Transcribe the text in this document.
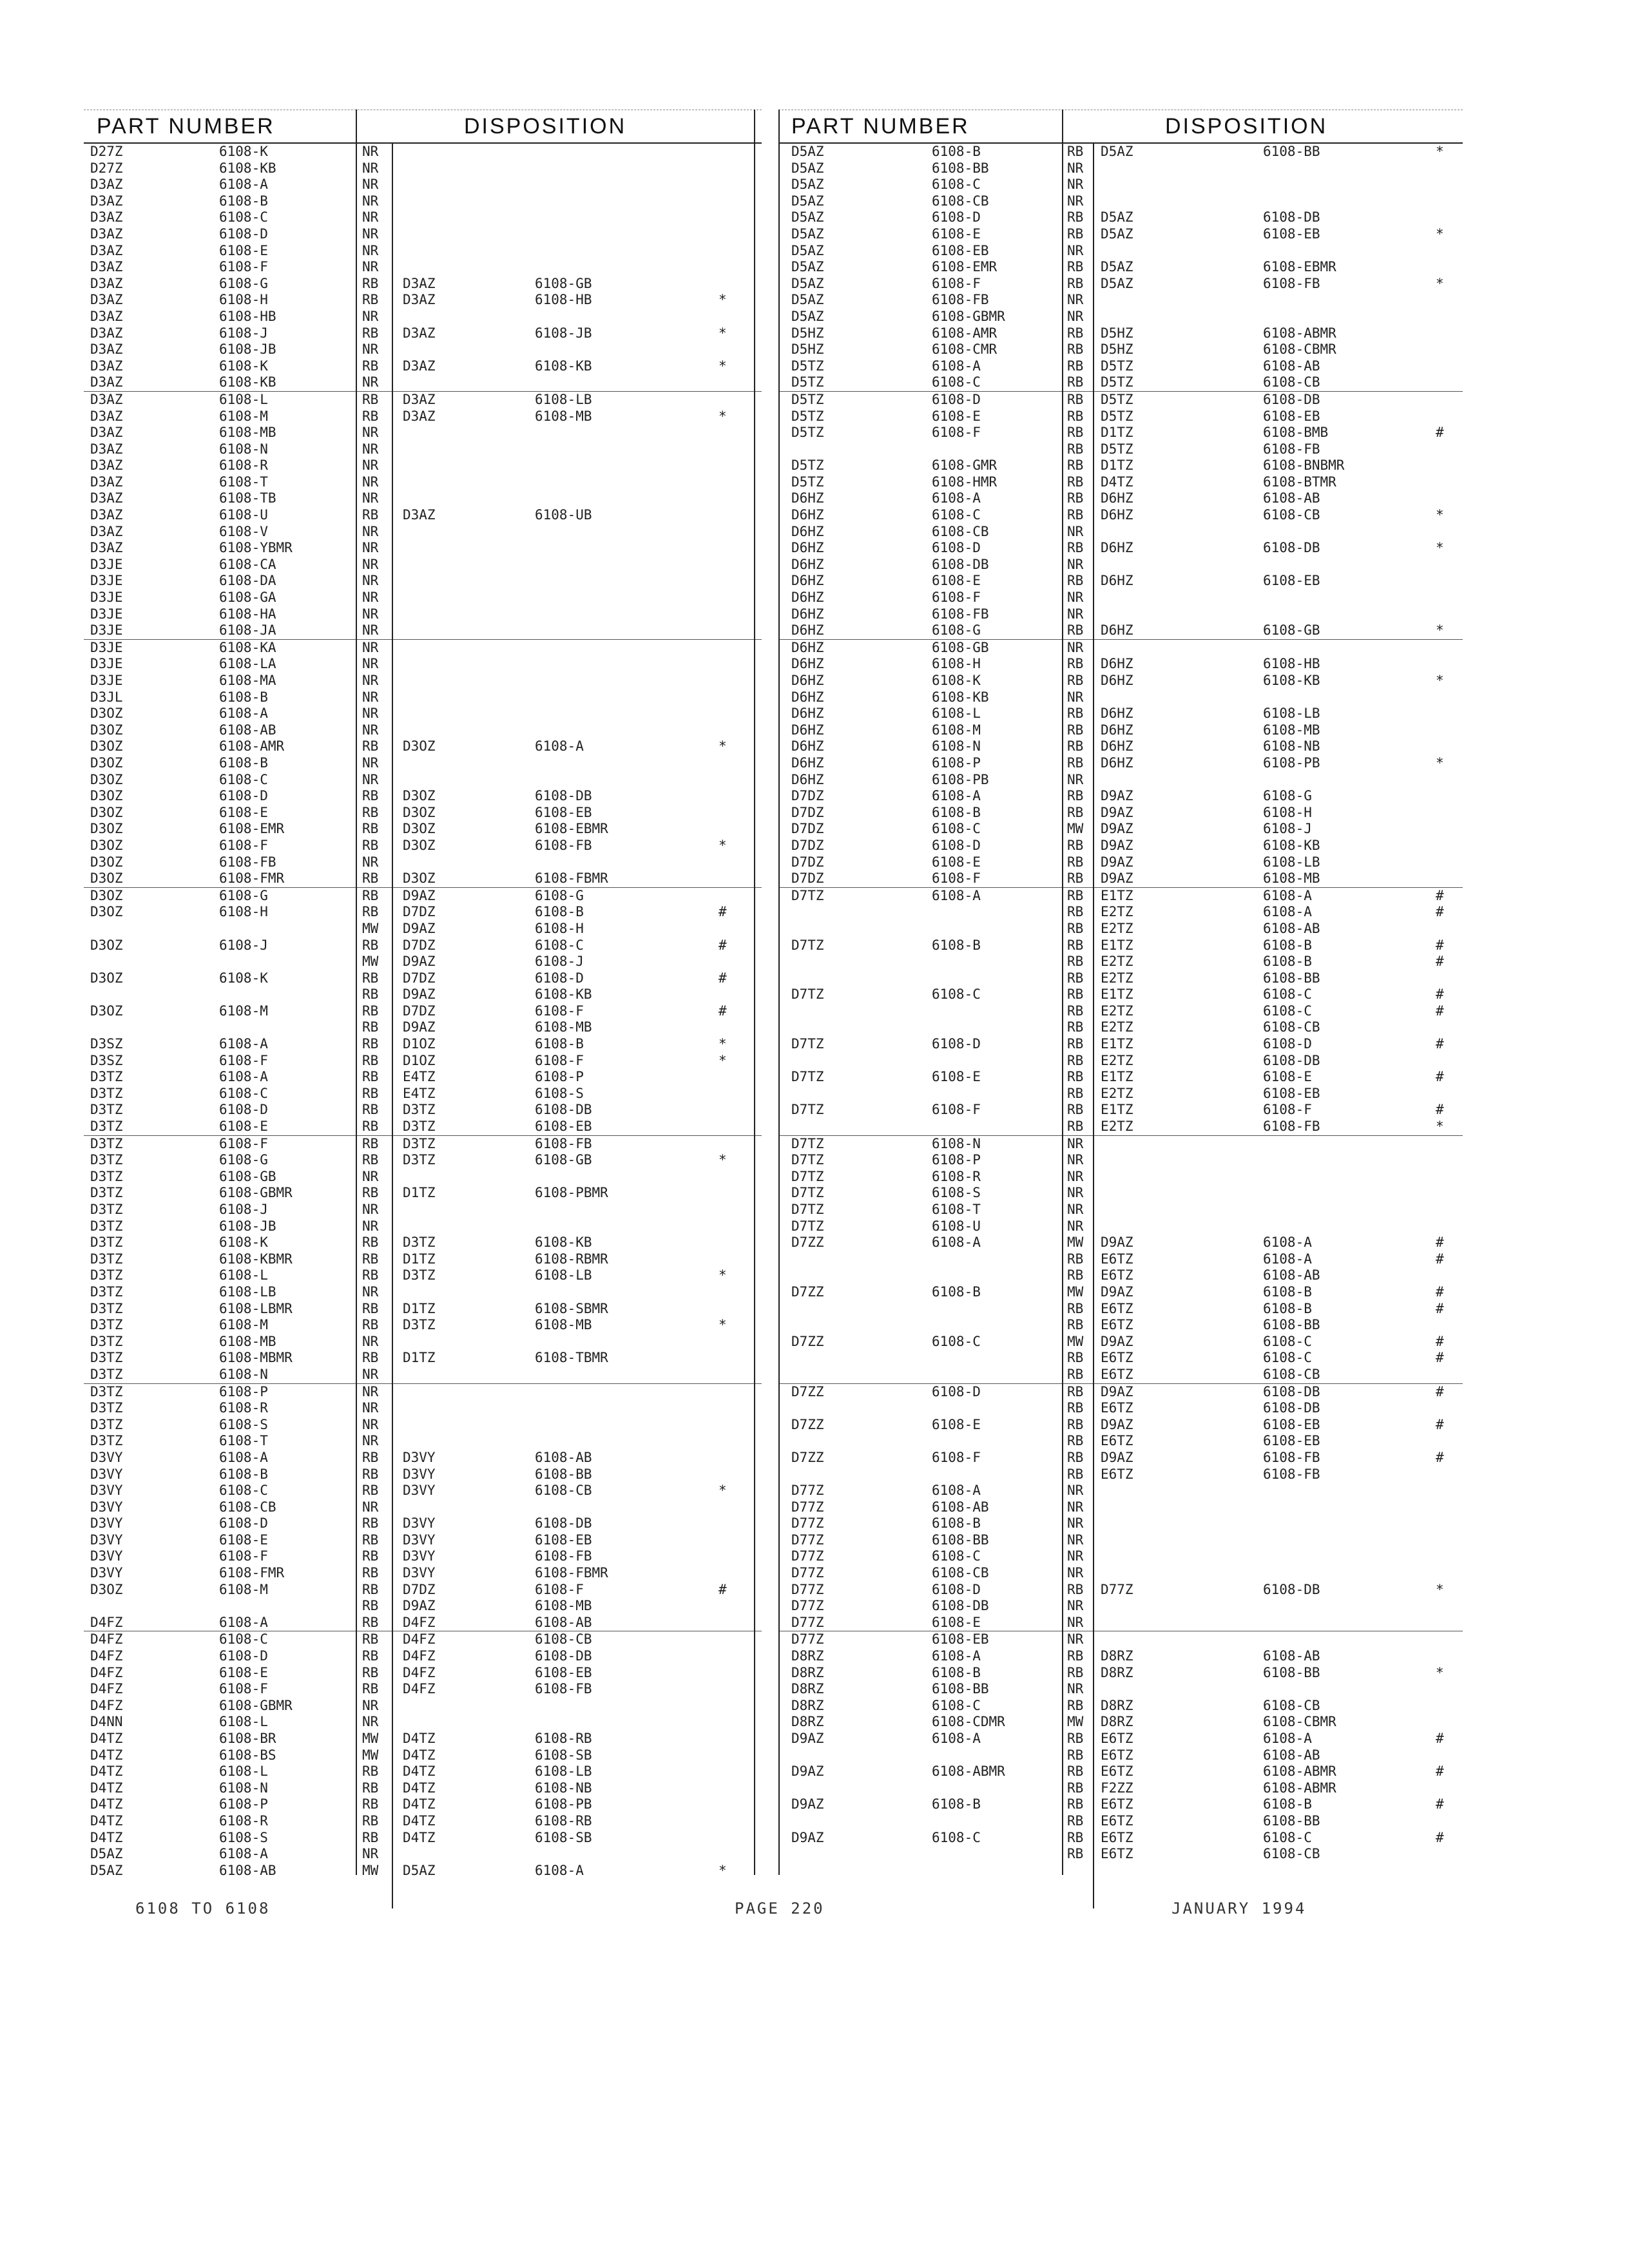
PART NUMBER	DISPOSITION
D27Z	6108-K	NR
D27Z	6108-KB	NR
D3AZ	6108-A	NR
D3AZ	6108-B	NR
D3AZ	6108-C	NR
D3AZ	6108-D	NR
D3AZ	6108-E	NR
D3AZ	6108-F	NR
D3AZ	6108-G	RB D3AZ	6108-GB
D3AZ	6108-H	RB D3AZ	6108-HB	*
D3AZ	6108-HB	NR
D3AZ	6108-J	RB D3AZ	6108-JB	*
D3AZ	6108-JB	NR
D3AZ	6108-K	RB D3AZ	6108-KB	*
D3AZ	6108-KB	NR
D3AZ	6108-L	RB D3AZ	6108-LB
D3AZ	6108-M	RB D3AZ	6108-MB	*
D3AZ	6108-MB	NR
D3AZ	6108-N	NR
D3AZ	6108-R	NR
D3AZ	6108-T	NR
D3AZ	6108-TB	NR
D3AZ	6108-U	RB D3AZ	6108-UB
D3AZ	6108-V	NR
D3AZ	6108-YBMR	NR
D3JE	6108-CA	NR
D3JE	6108-DA	NR
D3JE	6108-GA	NR
D3JE	6108-HA	NR
D3JE	6108-JA	NR
D3JE	6108-KA	NR
D3JE	6108-LA	NR
D3JE	6108-MA	NR
D3JL	6108-B	NR
D3OZ	6108-A	NR
D3OZ	6108-AB	NR
D3OZ	6108-AMR	RB D3OZ	6108-A	*
D3OZ	6108-B	NR
D3OZ	6108-C	NR
D3OZ	6108-D	RB D3OZ	6108-DB
D3OZ	6108-E	RB D3OZ	6108-EB
D3OZ	6108-EMR	RB D3OZ	6108-EBMR
D3OZ	6108-F	RB D3OZ	6108-FB	*
D3OZ	6108-FB	NR
D3OZ	6108-FMR	RB D3OZ	6108-FBMR
D3OZ	6108-G	RB D9AZ	6108-G
D3OZ	6108-H	RB D7DZ	6108-B	#
MW D9AZ	6108-H
D3OZ	6108-J	RB D7DZ	6108-C	#
MW D9AZ	6108-J
D3OZ	6108-K	RB D7DZ	6108-D	#
RB D9AZ	6108-KB
D3OZ	6108-M	RB D7DZ	6108-F	#
RB D9AZ	6108-MB
D3SZ	6108-A	RB D1OZ	6108-B	*
D3SZ	6108-F	RB D1OZ	6108-F	*
D3TZ	6108-A	RB E4TZ	6108-P
D3TZ	6108-C	RB E4TZ	6108-S
D3TZ	6108-D	RB D3TZ	6108-DB
D3TZ	6108-E	RB D3TZ	6108-EB
D3TZ	6108-F	RB D3TZ	6108-FB
D3TZ	6108-G	RB D3TZ	6108-GB	*
D3TZ	6108-GB	NR
D3TZ	6108-GBMR	RB D1TZ	6108-PBMR
D3TZ	6108-J	NR
D3TZ	6108-JB	NR
D3TZ	6108-K	RB D3TZ	6108-KB
D3TZ	6108-KBMR	RB D1TZ	6108-RBMR
D3TZ	6108-L	RB D3TZ	6108-LB	*
D3TZ	6108-LB	NR
D3TZ	6108-LBMR	RB D1TZ	6108-SBMR
D3TZ	6108-M	RB D3TZ	6108-MB	*
D3TZ	6108-MB	NR
D3TZ	6108-MBMR	RB D1TZ	6108-TBMR
D3TZ	6108-N	NR
D3TZ	6108-P	NR
D3TZ	6108-R	NR
D3TZ	6108-S	NR
D3TZ	6108-T	NR
D3VY	6108-A	RB D3VY	6108-AB
D3VY	6108-B	RB D3VY	6108-BB
D3VY	6108-C	RB D3VY	6108-CB	*
D3VY	6108-CB	NR
D3VY	6108-D	RB D3VY	6108-DB
D3VY	6108-E	RB D3VY	6108-EB
D3VY	6108-F	RB D3VY	6108-FB
D3VY	6108-FMR	RB D3VY	6108-FBMR
D3OZ	6108-M	RB D7DZ	6108-F	#
RB D9AZ	6108-MB
D4FZ	6108-A	RB D4FZ	6108-AB
D4FZ	6108-C	RB D4FZ	6108-CB
D4FZ	6108-D	RB D4FZ	6108-DB
D4FZ	6108-E	RB D4FZ	6108-EB
D4FZ	6108-F	RB D4FZ	6108-FB
D4FZ	6108-GBMR	NR
D4NN	6108-L	NR
D4TZ	6108-BR	MW D4TZ	6108-RB
D4TZ	6108-BS	MW D4TZ	6108-SB
D4TZ	6108-L	RB D4TZ	6108-LB
D4TZ	6108-N	RB D4TZ	6108-NB
D4TZ	6108-P	RB D4TZ	6108-PB
D4TZ	6108-R	RB D4TZ	6108-RB
D4TZ	6108-S	RB D4TZ	6108-SB
D5AZ	6108-A	NR
D5AZ	6108-AB	MW D5AZ	6108-A	*
PART NUMBER	DISPOSITION
D5AZ	6108-B	RB D5AZ	6108-BB	*
D5AZ	6108-BB	NR
D5AZ	6108-C	NR
D5AZ	6108-CB	NR
D5AZ	6108-D	RB D5AZ	6108-DB
D5AZ	6108-E	RB D5AZ	6108-EB	*
D5AZ	6108-EB	NR
D5AZ	6108-EMR	RB D5AZ	6108-EBMR
D5AZ	6108-F	RB D5AZ	6108-FB	*
D5AZ	6108-FB	NR
D5AZ	6108-GBMR	NR
D5HZ	6108-AMR	RB D5HZ	6108-ABMR
D5HZ	6108-CMR	RB D5HZ	6108-CBMR
D5TZ	6108-A	RB D5TZ	6108-AB
D5TZ	6108-C	RB D5TZ	6108-CB
D5TZ	6108-D	RB D5TZ	6108-DB
D5TZ	6108-E	RB D5TZ	6108-EB
D5TZ	6108-F	RB D1TZ	6108-BMB	#
RB D5TZ	6108-FB
D5TZ	6108-GMR	RB D1TZ	6108-BNBMR
D5TZ	6108-HMR	RB D4TZ	6108-BTMR
D6HZ	6108-A	RB D6HZ	6108-AB
D6HZ	6108-C	RB D6HZ	6108-CB	*
D6HZ	6108-CB	NR
D6HZ	6108-D	RB D6HZ	6108-DB	*
D6HZ	6108-DB	NR
D6HZ	6108-E	RB D6HZ	6108-EB
D6HZ	6108-F	NR
D6HZ	6108-FB	NR
D6HZ	6108-G	RB D6HZ	6108-GB	*
D6HZ	6108-GB	NR
D6HZ	6108-H	RB D6HZ	6108-HB
D6HZ	6108-K	RB D6HZ	6108-KB	*
D6HZ	6108-KB	NR
D6HZ	6108-L	RB D6HZ	6108-LB
D6HZ	6108-M	RB D6HZ	6108-MB
D6HZ	6108-N	RB D6HZ	6108-NB
D6HZ	6108-P	RB D6HZ	6108-PB	*
D6HZ	6108-PB	NR
D7DZ	6108-A	RB D9AZ	6108-G
D7DZ	6108-B	RB D9AZ	6108-H
D7DZ	6108-C	MW D9AZ	6108-J
D7DZ	6108-D	RB D9AZ	6108-KB
D7DZ	6108-E	RB D9AZ	6108-LB
D7DZ	6108-F	RB D9AZ	6108-MB
D7TZ	6108-A	RB E1TZ	6108-A	#
RB E2TZ	6108-A	#
RB E2TZ	6108-AB
D7TZ	6108-B	RB E1TZ	6108-B	#
RB E2TZ	6108-B	#
RB E2TZ	6108-BB
D7TZ	6108-C	RB E1TZ	6108-C	#
RB E2TZ	6108-C	#
RB E2TZ	6108-CB
D7TZ	6108-D	RB E1TZ	6108-D	#
RB E2TZ	6108-DB
D7TZ	6108-E	RB E1TZ	6108-E	#
RB E2TZ	6108-EB
D7TZ	6108-F	RB E1TZ	6108-F	#
RB E2TZ	6108-FB	*
D7TZ	6108-N	NR
D7TZ	6108-P	NR
D7TZ	6108-R	NR
D7TZ	6108-S	NR
D7TZ	6108-T	NR
D7TZ	6108-U	NR
D7ZZ	6108-A	MW D9AZ	6108-A	#
RB E6TZ	6108-A	#
RB E6TZ	6108-AB
D7ZZ	6108-B	MW D9AZ	6108-B	#
RB E6TZ	6108-B	#
RB E6TZ	6108-BB
D7ZZ	6108-C	MW D9AZ	6108-C	#
RB E6TZ	6108-C	#
RB E6TZ	6108-CB
D7ZZ	6108-D	RB D9AZ	6108-DB	#
RB E6TZ	6108-DB
D7ZZ	6108-E	RB D9AZ	6108-EB	#
RB E6TZ	6108-EB
D7ZZ	6108-F	RB D9AZ	6108-FB	#
RB E6TZ	6108-FB
D77Z	6108-A	NR
D77Z	6108-AB	NR
D77Z	6108-B	NR
D77Z	6108-BB	NR
D77Z	6108-C	NR
D77Z	6108-CB	NR
D77Z	6108-D	RB D77Z	6108-DB	*
D77Z	6108-DB	NR
D77Z	6108-E	NR
D77Z	6108-EB	NR
D8RZ	6108-A	RB D8RZ	6108-AB
D8RZ	6108-B	RB D8RZ	6108-BB	*
D8RZ	6108-BB	NR
D8RZ	6108-C	RB D8RZ	6108-CB
D8RZ	6108-CDMR	MW D8RZ	6108-CBMR
D9AZ	6108-A	RB E6TZ	6108-A	#
RB E6TZ	6108-AB
D9AZ	6108-ABMR	RB E6TZ	6108-ABMR	#
RB F2ZZ	6108-ABMR
D9AZ	6108-B	RB E6TZ	6108-B	#
RB E6TZ	6108-BB
D9AZ	6108-C	RB E6TZ	6108-C	#
RB E6TZ	6108-CB
6108 TO 6108	PAGE 220	JANUARY 1994
